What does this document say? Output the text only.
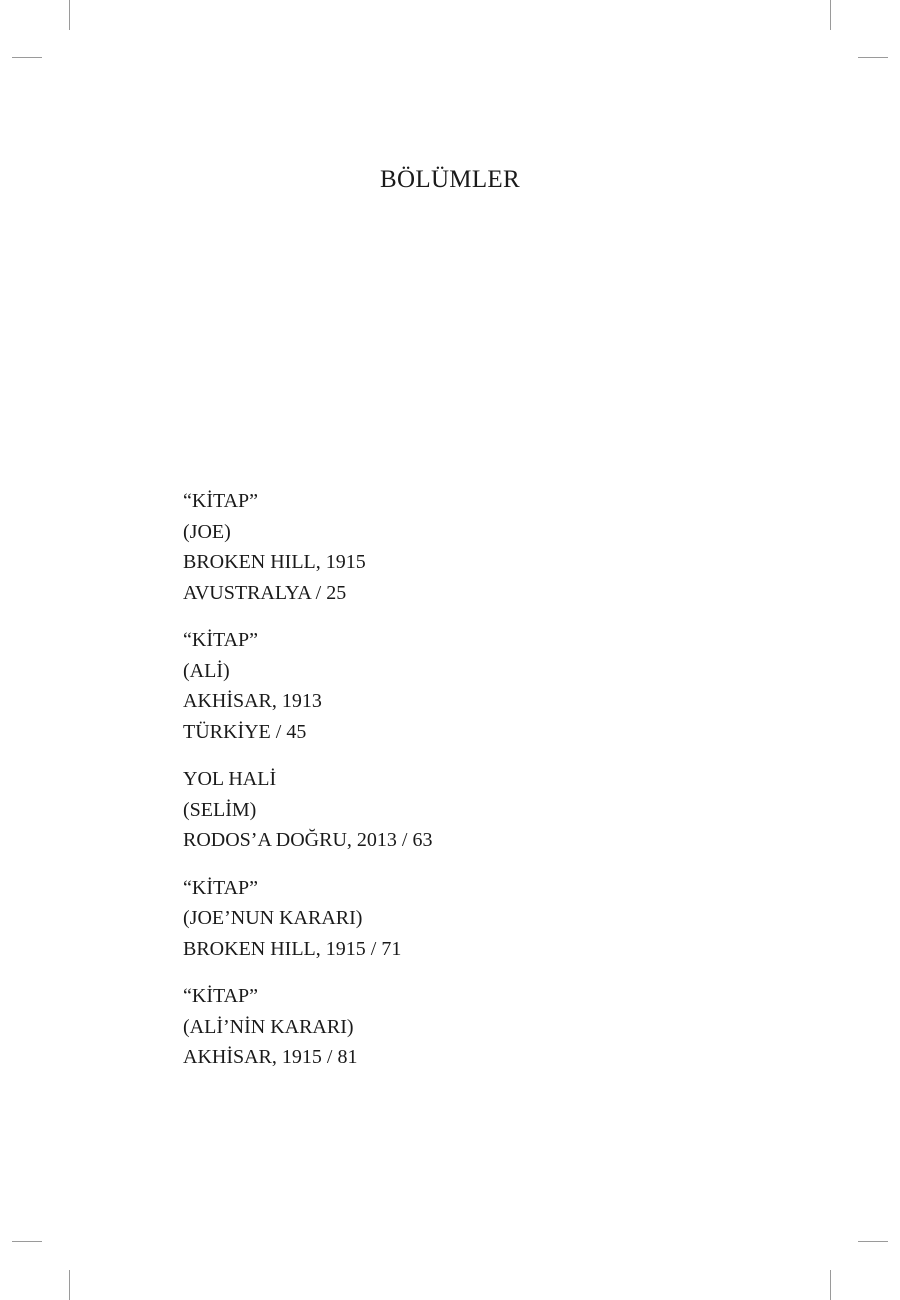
BÖLÜMLER
“KİTAP”
(JOE)
BROKEN HILL, 1915
AVUSTRALYA / 25
“KİTAP”
(ALİ)
AKHİSAR, 1913
TÜRKİYE / 45
YOL HALİ
(SELİM)
RODOS’A DOĞRU, 2013 / 63
“KİTAP”
(JOE’NUN KARARI)
BROKEN HILL, 1915 / 71
“KİTAP”
(ALİ’NİN KARARI)
AKHİSAR, 1915 / 81
